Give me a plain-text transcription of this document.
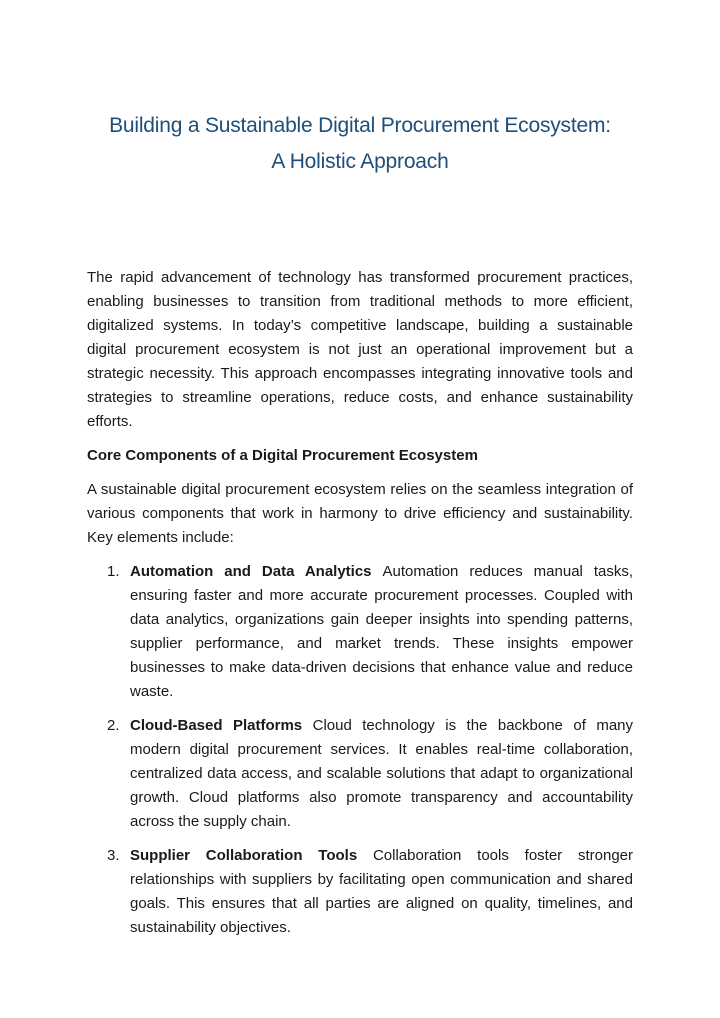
Building a Sustainable Digital Procurement Ecosystem:
A Holistic Approach

The rapid advancement of technology has transformed procurement practices, enabling businesses to transition from traditional methods to more efficient, digitalized systems. In today’s competitive landscape, building a sustainable digital procurement ecosystem is not just an operational improvement but a strategic necessity. This approach encompasses integrating innovative tools and strategies to streamline operations, reduce costs, and enhance sustainability efforts.

Core Components of a Digital Procurement Ecosystem

A sustainable digital procurement ecosystem relies on the seamless integration of various components that work in harmony to drive efficiency and sustainability. Key elements include:

1. Automation and Data Analytics Automation reduces manual tasks, ensuring faster and more accurate procurement processes. Coupled with data analytics, organizations gain deeper insights into spending patterns, supplier performance, and market trends. These insights empower businesses to make data-driven decisions that enhance value and reduce waste.
2. Cloud-Based Platforms Cloud technology is the backbone of many modern digital procurement services. It enables real-time collaboration, centralized data access, and scalable solutions that adapt to organizational growth. Cloud platforms also promote transparency and accountability across the supply chain.
3. Supplier Collaboration Tools Collaboration tools foster stronger relationships with suppliers by facilitating open communication and shared goals. This ensures that all parties are aligned on quality, timelines, and sustainability objectives.
